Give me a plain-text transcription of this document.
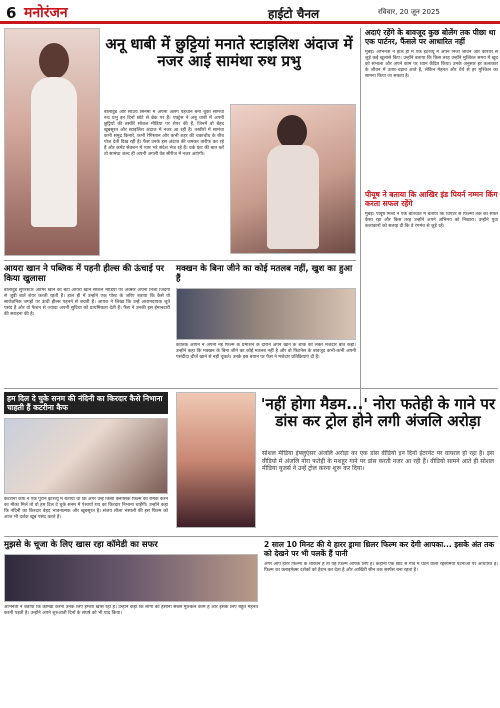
6 मनोरंजन	हाईटो चैनल	रविवार, 20 जून 2025
अनू धाबी में छुट्टियां मनाते स्टाइलिश अंदाज में नजर आई सामंथा रुथ प्रभु
बॉलीवुड और साउथ सिनेमा में अपनी अलग पहचान बना चुकी सामंथा रुथ प्रभु इन दिनों छोटे से ब्रेक पर हैं। एक्ट्रेस ने अबू धाबी में अपनी छुट्टियों की तस्वीरें सोशल मीडिया पर शेयर की हैं, जिनमें वो बेहद खूबसूरत और स्टाइलिश अंदाज में नजर आ रही हैं। तस्वीरों में सामंथा कभी समुद्र किनारे, कभी रेगिस्तान और कभी शहर की चकाचौंध के बीच पोज देती दिख रही हैं। फैंस उनके इस अंदाज की जमकर तारीफ कर रहे हैं और कमेंट सेक्शन में प्यार भरे संदेश भेज रहे हैं। वर्क फ्रंट की बात करें तो सामंथा जल्द ही अपनी अगली वेब सीरीज में नजर आएंगी।
आयरा खान ने पब्लिक में पहनी हील्स की ऊंचाई पर किया खुलासा
बॉलीवुड सुपरस्टार आमिर खान की बेटी आयरा खान सोशल मीडिया पर अक्सर अपनी निजी जिंदगी से जुड़ी बातें शेयर करती रहती हैं। हाल ही में उन्होंने एक पोस्ट के जरिए बताया कि कैसे वो सार्वजनिक जगहों पर ऊंची हील्स पहनने से बचती हैं। आयरा ने लिखा कि उन्हें आरामदायक जूते पसंद हैं और वो फैशन से ज्यादा अपनी सुविधा को प्राथमिकता देती हैं। फैंस ने उनकी इस ईमानदारी की सराहना की है।
मक्खन के बिना जीने का कोई मतलब नहीं, खुश का हुआ हैं
कार्तिक आर्यन ने अपनी नई फिल्म के प्रमोशन के दौरान अपने खाने के शौक को लेकर मजेदार बातें कहीं। उन्होंने कहा कि मक्खन के बिना जीने का कोई मतलब नहीं है और वो फिटनेस के बावजूद कभी-कभी अपनी पसंदीदा चीजें खाने से नहीं चूकते। उनके इस बयान पर फैंस ने मजेदार प्रतिक्रियाएं दी हैं।
अदाएं रहेंगे के बावजूद कुछ बोलेंग तक पीछा था एक पार्टनर, फैंसले पर आधारित नहीं
मुंबई। अभिनेत्री ने हाल ही में एक इंटरव्यू में अपने निजी जीवन और करियर से जुड़े कई खुलासे किए। उन्होंने बताया कि किस तरह उन्होंने मुश्किल समय में खुद को संभाला और अपने काम पर ध्यान केंद्रित किया। उनके अनुसार हर कलाकार के जीवन में उतार-चढ़ाव आते हैं, लेकिन मेहनत और धैर्य से हर मुश्किल का सामना किया जा सकता है।
पीयूष ने बताया कि आखिर इंड पियर्न नम्मन किंग करता सफल रहेंगे
मुंबई। पीयूष मिश्रा ने एक बातचीत में बताया कि थिएटर से फिल्मों तक का सफर कैसा रहा और किस तरह उन्होंने अपने अभिनय को निखारा। उन्होंने युवा कलाकारों को सलाह दी कि वे रंगमंच से जुड़े रहें।
हम दिल दे चुके सनम की नंदिनी का किरदार कैसे निभाना चाहती हैं कटरीना कैफ
कटरीना कैफ ने एक पुराने इंटरव्यू में बताया था कि अगर उन्हें किसी क्लासिक फिल्म का रीमेक करने का मौका मिले तो वो हम दिल दे चुके सनम में ऐश्वर्या राय का किरदार निभाना चाहेंगी। उन्होंने कहा कि नंदिनी का किरदार बेहद भावनात्मक और खूबसूरत है। संजय लीला भंसाली की इस फिल्म को आज भी दर्शक खूब पसंद करते हैं।
'नहीं होगा मैडम...' नोरा फतेही के गाने पर डांस कर ट्रोल होने लगी अंजलि अरोड़ा
सोशल मीडिया इंफ्लुएंसर अंजलि अरोड़ा का एक डांस वीडियो इन दिनों इंटरनेट पर वायरल हो रहा है। इस वीडियो में अंजलि नोरा फतेही के मशहूर गाने पर डांस करती नजर आ रही हैं। वीडियो सामने आते ही सोशल मीडिया यूजर्स ने उन्हें ट्रोल करना शुरू कर दिया।
मुझसे के चूजा के लिए खास रहा कॉमेडी का सफर
अभिनेता ने बताया कि कॉमेडी करना उनके लिए हमेशा खास रहा है। उन्होंने कहा कि लोगों को हंसाना सबसे मुश्किल काम है और इसके लिए बहुत मेहनत करनी पड़ती है। उन्होंने अपने शुरुआती दिनों के संघर्ष को भी याद किया।
2 साल 10 मिनट की ये हारर ड्रामा थ्रिलर फिल्म कर देगी आपका... इसके अंत तक को देखने पर भी पलकें हैं पानी
अगर आप हॉरर फिल्मों के शौकीन हैं तो यह फिल्म आपके लिए है। कहानी एक छोटे से गांव में घटने वाली रहस्यमयी घटनाओं पर आधारित है। फिल्म का क्लाइमेक्स दर्शकों को हैरान कर देता है और आखिरी सीन तक सस्पेंस बना रहता है।
